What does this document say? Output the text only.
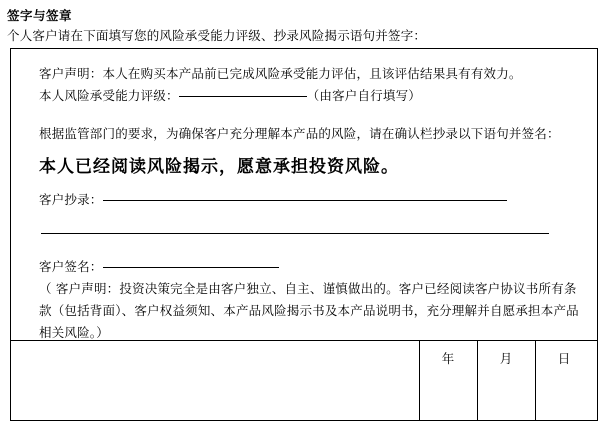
签字与签章
个人客户请在下面填写您的风险承受能力评级、抄录风险揭示语句并签字：
客户声明：本人在购买本产品前已完成风险承受能力评估，且该评估结果具有有效力。
本人风险承受能力评级：	（由客户自行填写）
根据监管部门的要求，为确保客户充分理解本产品的风险，请在确认栏抄录以下语句并签名：
本人已经阅读风险揭示，愿意承担投资风险。
客户抄录：
客户签名：
（ 客户声明：投资决策完全是由客户独立、自主、谨慎做出的。客户已经阅读客户协议书所有条款（包括背面）、客户权益须知、本产品风险揭示书及本产品说明书，充分理解并自愿承担本产品相关风险。）
年	月	日
